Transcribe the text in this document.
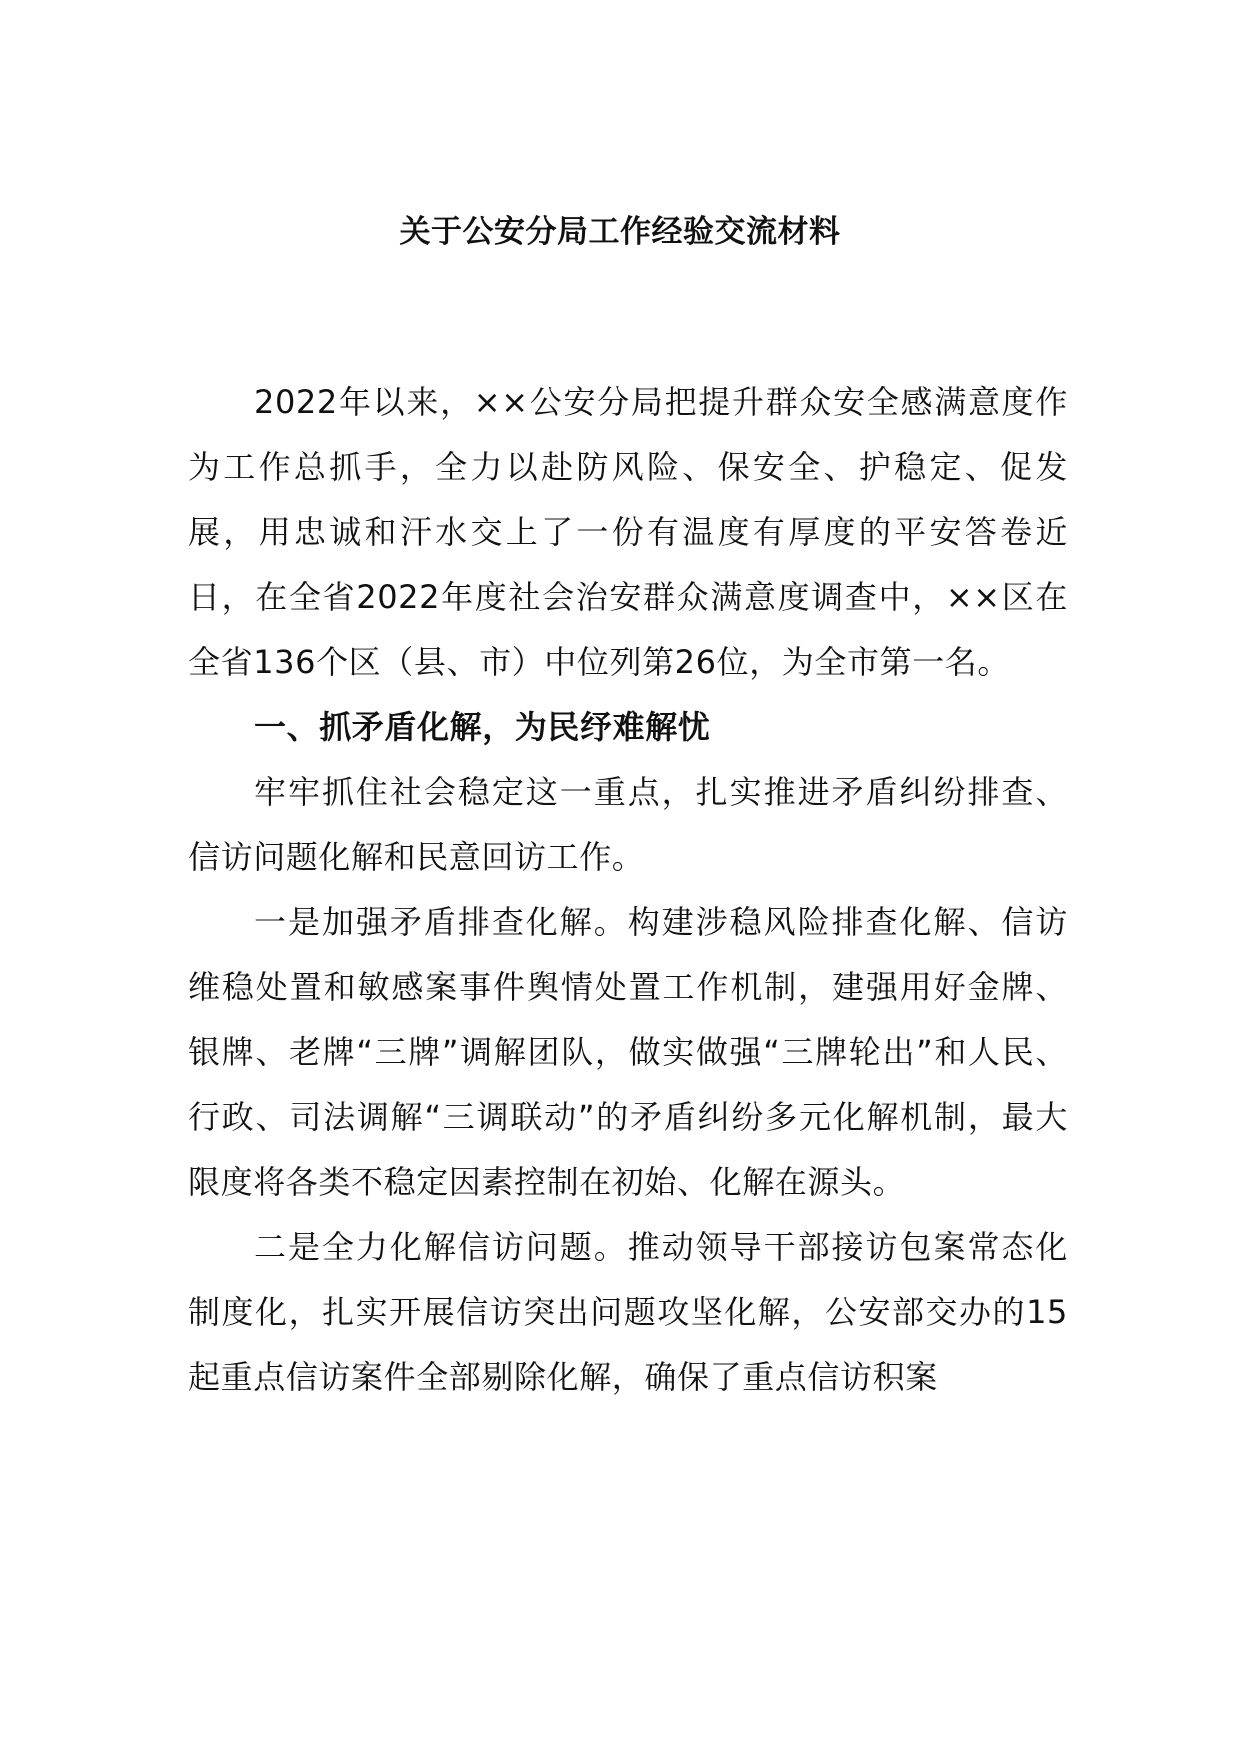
关于公安分局工作经验交流材料

2022年以来，××公安分局把提升群众安全感满意度作为工作总抓手，全力以赴防风险、保安全、护稳定、促发展，用忠诚和汗水交上了一份有温度有厚度的平安答卷近日，在全省2022年度社会治安群众满意度调查中，××区在全省136个区（县、市）中位列第26位，为全市第一名。

一、抓矛盾化解，为民纾难解忧

牢牢抓住社会稳定这一重点，扎实推进矛盾纠纷排查、信访问题化解和民意回访工作。

一是加强矛盾排查化解。构建涉稳风险排查化解、信访维稳处置和敏感案事件舆情处置工作机制，建强用好金牌、银牌、老牌“三牌”调解团队，做实做强“三牌轮出”和人民、行政、司法调解“三调联动”的矛盾纠纷多元化解机制，最大限度将各类不稳定因素控制在初始、化解在源头。

二是全力化解信访问题。推动领导干部接访包案常态化制度化，扎实开展信访突出问题攻坚化解，公安部交办的15起重点信访案件全部剔除化解，确保了重点信访积案
